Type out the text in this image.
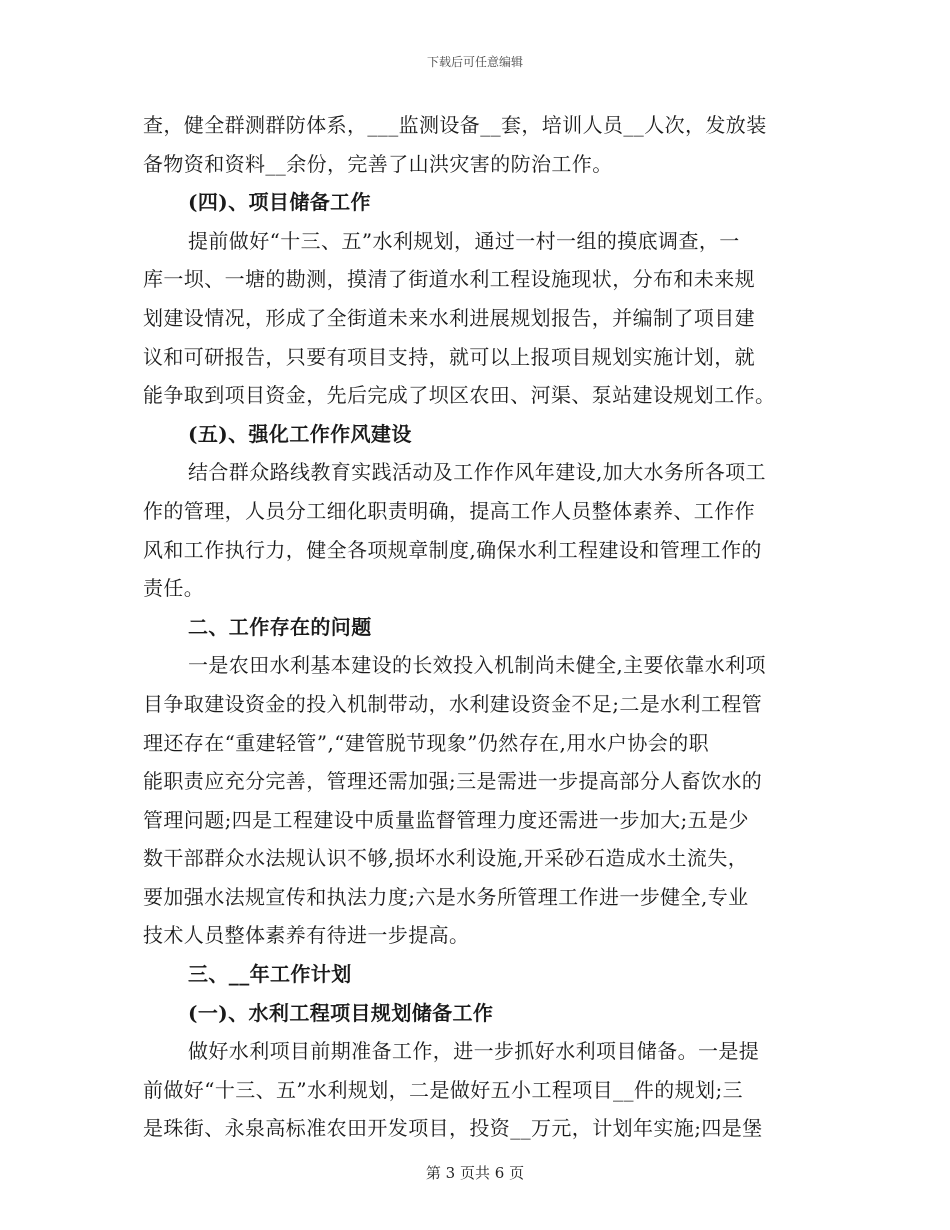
下载后可任意编辑
查，健全群测群防体系，___监测设备__套，培训人员__人次，发放装
备物资和资料__余份，完善了山洪灾害的防治工作。
(四)、项目储备工作
提前做好“十三、五”水利规划，通过一村一组的摸底调查，一
库一坝、一塘的勘测，摸清了街道水利工程设施现状，分布和未来规
划建设情况，形成了全街道未来水利进展规划报告，并编制了项目建
议和可研报告，只要有项目支持，就可以上报项目规划实施计划，就
能争取到项目资金，先后完成了坝区农田、河渠、泵站建设规划工作。
(五)、强化工作作风建设
结合群众路线教育实践活动及工作作风年建设,加大水务所各项工
作的管理，人员分工细化职责明确，提高工作人员整体素养、工作作
风和工作执行力，健全各项规章制度,确保水利工程建设和管理工作的
责任。
二、工作存在的问题
一是农田水利基本建设的长效投入机制尚未健全,主要依靠水利项
目争取建设资金的投入机制带动，水利建设资金不足;二是水利工程管
理还存在“重建轻管”,“建管脱节现象”仍然存在,用水户协会的职
能职责应充分完善，管理还需加强;三是需进一步提高部分人畜饮水的
管理问题;四是工程建设中质量监督管理力度还需进一步加大;五是少
数干部群众水法规认识不够,损坏水利设施,开采砂石造成水土流失，
要加强水法规宣传和执法力度;六是水务所管理工作进一步健全,专业
技术人员整体素养有待进一步提高。
三、__年工作计划
(一)、水利工程项目规划储备工作
做好水利项目前期准备工作，进一步抓好水利项目储备。一是提
前做好“十三、五”水利规划，二是做好五小工程项目__件的规划;三
是珠街、永泉高标准农田开发项目，投资__万元，计划年实施;四是堡
第 3 页共 6 页
